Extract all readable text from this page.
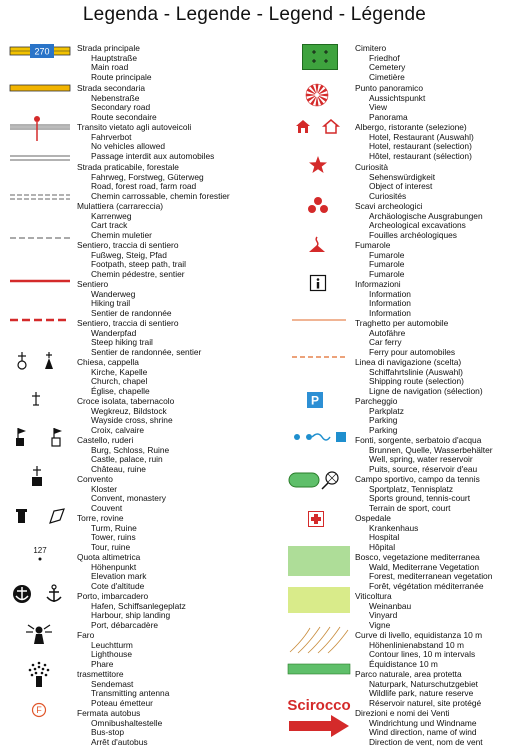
Legenda - Legende - Legend - Légende
270
127
F
P
Scirocco
Strada principale
Hauptstraße
Main road
Route principale
Strada secondaria
Nebenstraße
Secondary road
Route secondaire
Transito vietato agli autoveicoli
Fahrverbot
No vehicles allowed
Passage interdit aux automobiles
Strada praticabile, forestale
Fahrweg, Forstweg, Güterweg
Road, forest road, farm road
Chemin carrossable, chemin forestier
Mulattiera (carrareccia)
Karrenweg
Cart track
Chemin muletier
Sentiero, traccia di sentiero
Fußweg, Steig, Pfad
Footpath, steep path, trail
Chemin pédestre, sentier
Sentiero
Wanderweg
Hiking trail
Sentier de randonnée
Sentiero, traccia di sentiero
Wanderpfad
Steep hiking trail
Sentier de randonnée, sentier
Chiesa, cappella
Kirche, Kapelle
Church, chapel
Église, chapelle
Croce isolata, tabernacolo
Wegkreuz, Bildstock
Wayside cross, shrine
Croix, calvaire
Castello, ruderi
Burg, Schloss, Ruine
Castle, palace, ruin
Château, ruine
Convento
Kloster
Convent, monastery
Couvent
Torre, rovine
Turm, Ruine
Tower, ruins
Tour, ruine
Quota altimetrica
Höhenpunkt
Elevation mark
Cote d'altitude
Porto, imbarcadero
Hafen, Schiffsanlegeplatz
Harbour, ship landing
Port, débarcadère
Faro
Leuchtturm
Lighthouse
Phare
trasmettitore
Sendemast
Transmitting antenna
Poteau émetteur
Fermata autobus
Omnibushaltestelle
Bus-stop
Arrêt d'autobus
Cimitero
Friedhof
Cemetery
Cimetière
Punto panoramico
Aussichtspunkt
View
Panorama
Albergo, ristorante (selezione)
Hotel, Restaurant (Auswahl)
Hotel, restaurant (selection)
Hôtel, restaurant (sélection)
Curiosità
Sehenswürdigkeit
Object of interest
Curiosités
Scavi archeologici
Archäologische Ausgrabungen
Archeological excavations
Fouilles archéologiques
Fumarole
Fumarole
Fumarole
Fumarole
Informazioni
Information
Information
Information
Traghetto per automobile
Autofähre
Car ferry
Ferry pour automobiles
Linea di navigazione (scelta)
Schiffahrtslinie (Auswahl)
Shipping route (selection)
Ligne de navigation (sélection)
Parcheggio
Parkplatz
Parking
Parking
Fonti, sorgente, serbatoio d'acqua
Brunnen, Quelle, Wasserbehälter
Well, spring, water reservoir
Puits, source, réservoir d'eau
Campo sportivo, campo da tennis
Sportplatz, Tennisplatz
Sports ground, tennis-court
Terrain de sport, court
Ospedale
Krankenhaus
Hospital
Hôpital
Bosco, vegetazione mediterranea
Wald, Mediterrane Vegetation
Forest, mediterranean vegetation
Forêt, végétation méditerranée
Viticoltura
Weinanbau
Vinyard
Vigne
Curve di livello, equidistanza 10 m
Höhenlinienabstand 10 m
Contour lines, 10 m intervals
Équidistance 10 m
Parco naturale, area protetta
Naturpark, Naturschutzgebiet
Wildlife park, nature reserve
Réservoir naturel, site protégé
Direzioni e nomi dei Venti
Windrichtung und Windname
Wind direction, name of wind
Direction de vent, nom de vent
